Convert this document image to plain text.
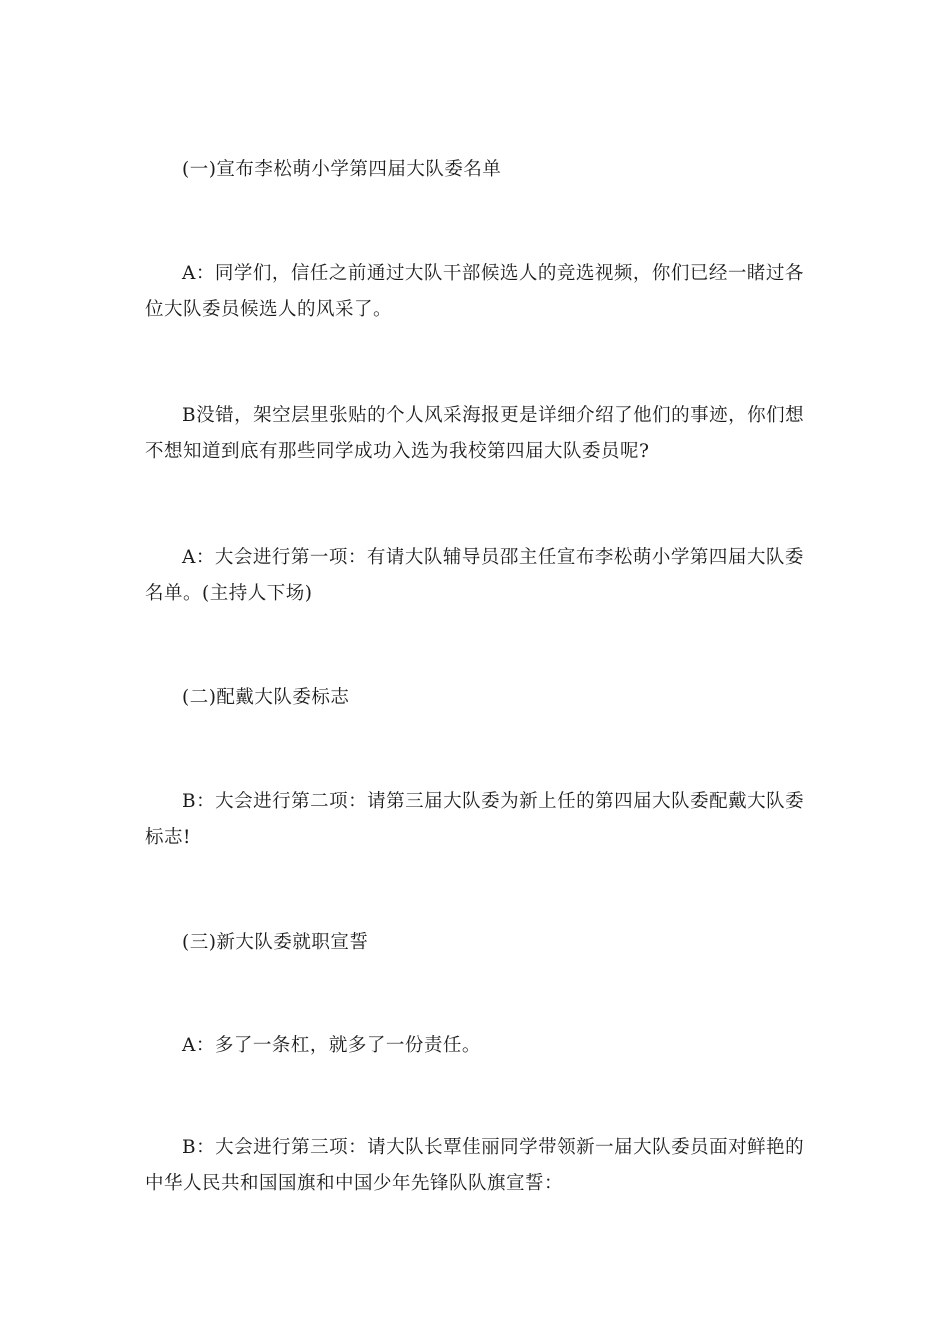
(一)宣布李松萌小学第四届大队委名单

A：同学们，信任之前通过大队干部候选人的竞选视频，你们已经一睹过各位大队委员候选人的风采了。

B没错，架空层里张贴的个人风采海报更是详细介绍了他们的事迹，你们想不想知道到底有那些同学成功入选为我校第四届大队委员呢?

A：大会进行第一项：有请大队辅导员邵主任宣布李松萌小学第四届大队委名单。(主持人下场)

(二)配戴大队委标志

B：大会进行第二项：请第三届大队委为新上任的第四届大队委配戴大队委标志!

(三)新大队委就职宣誓

A：多了一条杠，就多了一份责任。

B：大会进行第三项：请大队长覃佳丽同学带领新一届大队委员面对鲜艳的中华人民共和国国旗和中国少年先锋队队旗宣誓：
